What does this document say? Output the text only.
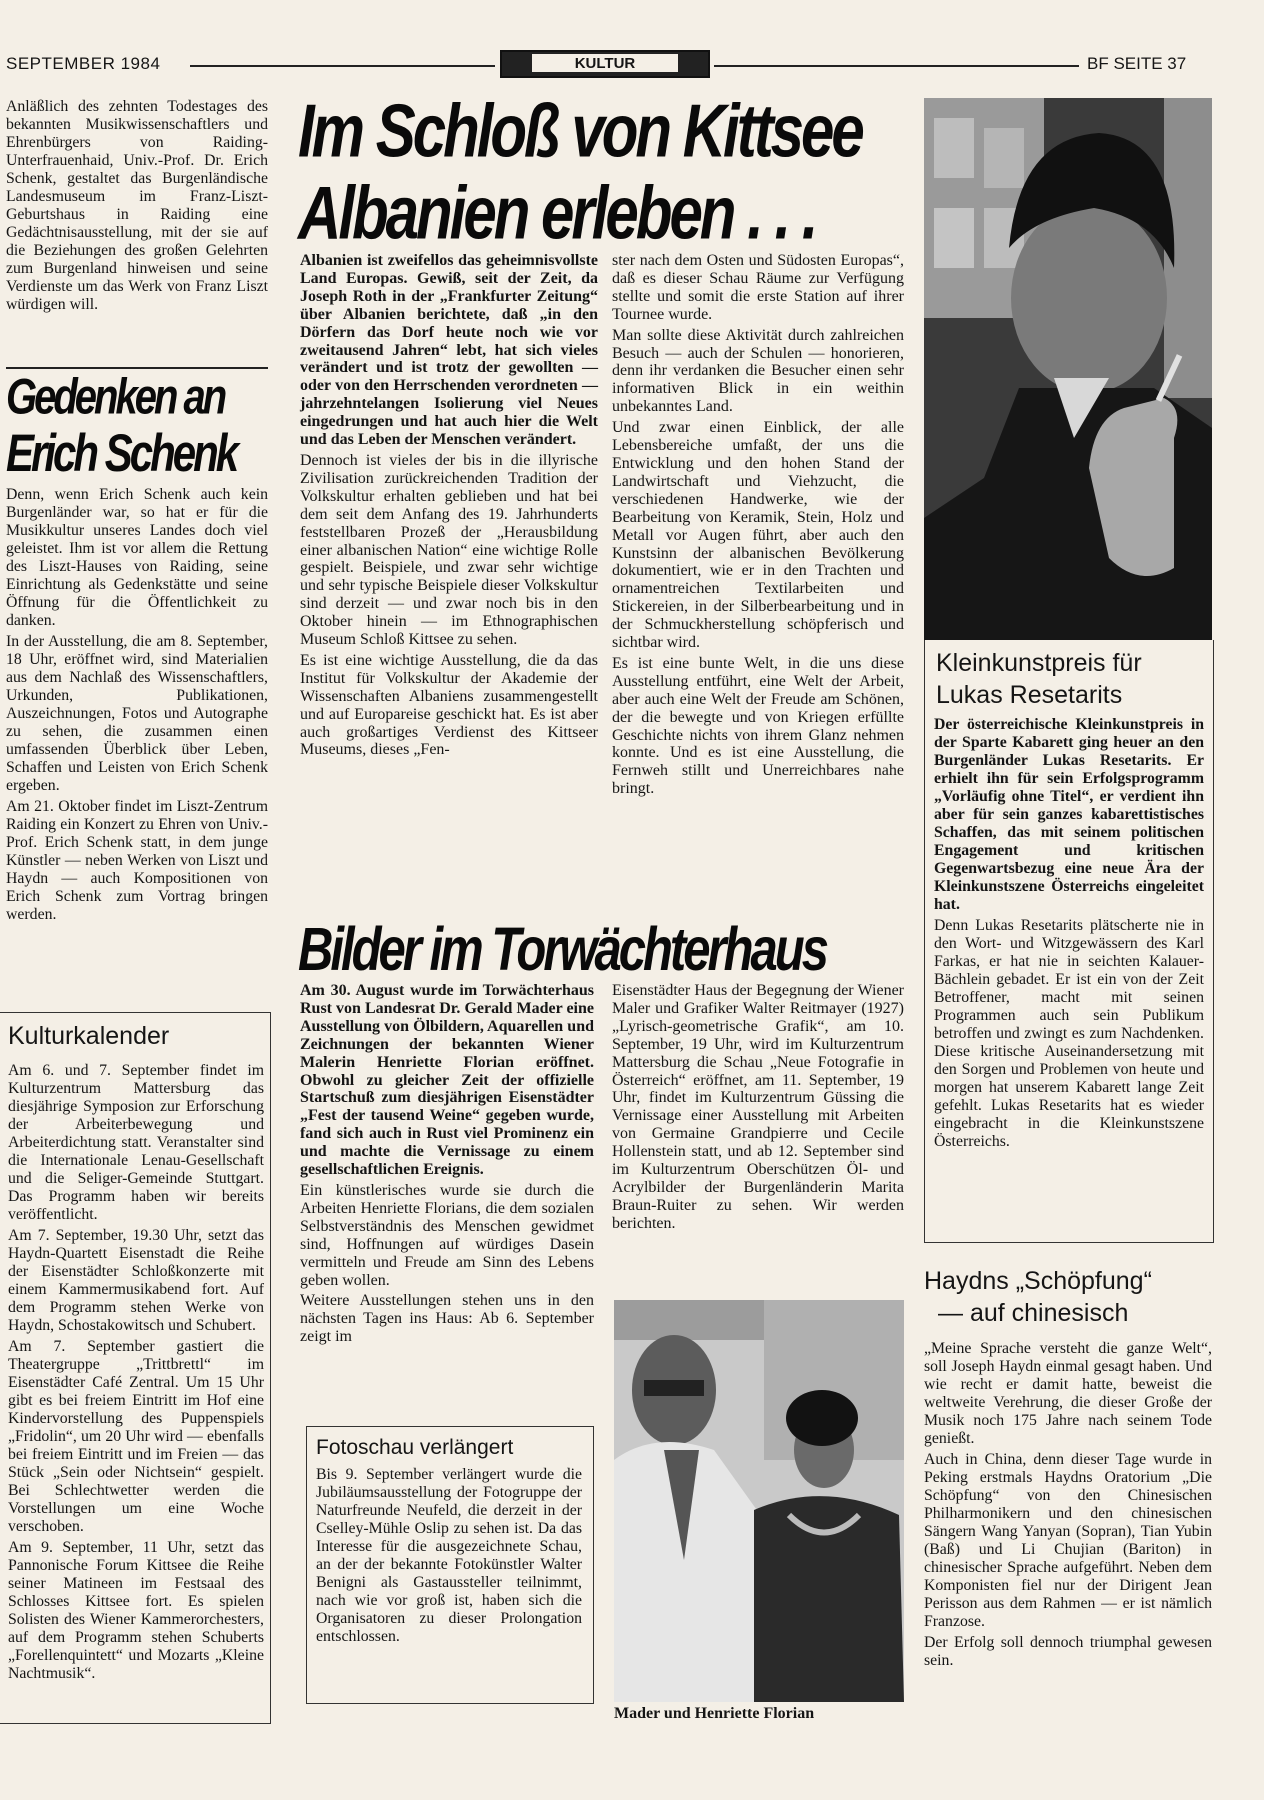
SEPTEMBER 1984	KULTUR	BF SEITE 37

Anläßlich des zehnten Todestages des bekannten Musikwissenschaftlers und Ehrenbürgers von Raiding-Unterfrauenhaid, Univ.-Prof. Dr. Erich Schenk, gestaltet das Burgenländische Landesmuseum im Franz-Liszt-Geburtshaus in Raiding eine Gedächtnisausstellung, mit der sie auf die Beziehungen des großen Gelehrten zum Burgenland hinweisen und seine Verdienste um das Werk von Franz Liszt würdigen will.

Gedenken an
Erich Schenk

Denn, wenn Erich Schenk auch kein Burgenländer war, so hat er für die Musikkultur unseres Landes doch viel geleistet. Ihm ist vor allem die Rettung des Liszt-Hauses von Raiding, seine Einrichtung als Gedenkstätte und seine Öffnung für die Öffentlichkeit zu danken.

In der Ausstellung, die am 8. September, 18 Uhr, eröffnet wird, sind Materialien aus dem Nachlaß des Wissenschaftlers, Urkunden, Publikationen, Auszeichnungen, Fotos und Autographe zu sehen, die zusammen einen umfassenden Überblick über Leben, Schaffen und Leisten von Erich Schenk ergeben.

Am 21. Oktober findet im Liszt-Zentrum Raiding ein Konzert zu Ehren von Univ.-Prof. Erich Schenk statt, in dem junge Künstler — neben Werken von Liszt und Haydn — auch Kompositionen von Erich Schenk zum Vortrag bringen werden.

Kulturkalender

Am 6. und 7. September findet im Kulturzentrum Mattersburg das diesjährige Symposion zur Erforschung der Arbeiterbewegung und Arbeiterdichtung statt. Veranstalter sind die Internationale Lenau-Gesellschaft und die Seliger-Gemeinde Stuttgart. Das Programm haben wir bereits veröffentlicht.

Am 7. September, 19.30 Uhr, setzt das Haydn-Quartett Eisenstadt die Reihe der Eisenstädter Schloßkonzerte mit einem Kammermusikabend fort. Auf dem Programm stehen Werke von Haydn, Schostakowitsch und Schubert.

Am 7. September gastiert die Theatergruppe „Trittbrettl“ im Eisenstädter Café Zentral. Um 15 Uhr gibt es bei freiem Eintritt im Hof eine Kindervorstellung des Puppenspiels „Fridolin“, um 20 Uhr wird — ebenfalls bei freiem Eintritt und im Freien — das Stück „Sein oder Nichtsein“ gespielt. Bei Schlechtwetter werden die Vorstellungen um eine Woche verschoben.

Am 9. September, 11 Uhr, setzt das Pannonische Forum Kittsee die Reihe seiner Matineen im Festsaal des Schlosses Kittsee fort. Es spielen Solisten des Wiener Kammerorchesters, auf dem Programm stehen Schuberts „Forellenquintett“ und Mozarts „Kleine Nachtmusik“.

Im Schloß von Kittsee
Albanien erleben . . .

Albanien ist zweifellos das geheimnisvollste Land Europas. Gewiß, seit der Zeit, da Joseph Roth in der „Frankfurter Zeitung“ über Albanien berichtete, daß „in den Dörfern das Dorf heute noch wie vor zweitausend Jahren“ lebt, hat sich vieles verändert und ist trotz der gewollten — oder von den Herrschenden verordneten — jahrzehntelangen Isolierung viel Neues eingedrungen und hat auch hier die Welt und das Leben der Menschen verändert.

Dennoch ist vieles der bis in die illyrische Zivilisation zurückreichenden Tradition der Volkskultur erhalten geblieben und hat bei dem seit dem Anfang des 19. Jahrhunderts feststellbaren Prozeß der „Herausbildung einer albanischen Nation“ eine wichtige Rolle gespielt. Beispiele, und zwar sehr wichtige und sehr typische Beispiele dieser Volkskultur sind derzeit — und zwar noch bis in den Oktober hinein — im Ethnographischen Museum Schloß Kittsee zu sehen.

Es ist eine wichtige Ausstellung, die da das Institut für Volkskultur der Akademie der Wissenschaften Albaniens zusammengestellt und auf Europareise geschickt hat. Es ist aber auch großartiges Verdienst des Kittseer Museums, dieses „Fen-

ster nach dem Osten und Südosten Europas“, daß es dieser Schau Räume zur Verfügung stellte und somit die erste Station auf ihrer Tournee wurde.

Man sollte diese Aktivität durch zahlreichen Besuch — auch der Schulen — honorieren, denn ihr verdanken die Besucher einen sehr informativen Blick in ein weithin unbekanntes Land.

Und zwar einen Einblick, der alle Lebensbereiche umfaßt, der uns die Entwicklung und den hohen Stand der Landwirtschaft und Viehzucht, die verschiedenen Handwerke, wie der Bearbeitung von Keramik, Stein, Holz und Metall vor Augen führt, aber auch den Kunstsinn der albanischen Bevölkerung dokumentiert, wie er in den Trachten und ornamentreichen Textilarbeiten und Stickereien, in der Silberbearbeitung und in der Schmuckherstellung schöpferisch und sichtbar wird.

Es ist eine bunte Welt, in die uns diese Ausstellung entführt, eine Welt der Arbeit, aber auch eine Welt der Freude am Schönen, der die bewegte und von Kriegen erfüllte Geschichte nichts von ihrem Glanz nehmen konnte. Und es ist eine Ausstellung, die Fernweh stillt und Unerreichbares nahe bringt.

Kleinkunstpreis für
Lukas Resetarits

Der österreichische Kleinkunstpreis in der Sparte Kabarett ging heuer an den Burgenländer Lukas Resetarits. Er erhielt ihn für sein Erfolgsprogramm „Vorläufig ohne Titel“, er verdient ihn aber für sein ganzes kabarettistisches Schaffen, das mit seinem politischen Engagement und kritischen Gegenwartsbezug eine neue Ära der Kleinkunstszene Österreichs eingeleitet hat.

Denn Lukas Resetarits plätscherte nie in den Wort- und Witzgewässern des Karl Farkas, er hat nie in seichten Kalauer-Bächlein gebadet. Er ist ein von der Zeit Betroffener, macht mit seinen Programmen auch sein Publikum betroffen und zwingt es zum Nachdenken. Diese kritische Auseinandersetzung mit den Sorgen und Problemen von heute und morgen hat unserem Kabarett lange Zeit gefehlt. Lukas Resetarits hat es wieder eingebracht in die Kleinkunstszene Österreichs.

Haydns „Schöpfung“
— auf chinesisch

„Meine Sprache versteht die ganze Welt“, soll Joseph Haydn einmal gesagt haben. Und wie recht er damit hatte, beweist die weltweite Verehrung, die dieser Große der Musik noch 175 Jahre nach seinem Tode genießt.

Auch in China, denn dieser Tage wurde in Peking erstmals Haydns Oratorium „Die Schöpfung“ von den Chinesischen Philharmonikern und den chinesischen Sängern Wang Yanyan (Sopran), Tian Yubin (Baß) und Li Chujian (Bariton) in chinesischer Sprache aufgeführt. Neben dem Komponisten fiel nur der Dirigent Jean Perisson aus dem Rahmen — er ist nämlich Franzose.

Der Erfolg soll dennoch triumphal gewesen sein.

Bilder im Torwächterhaus

Am 30. August wurde im Torwächterhaus Rust von Landesrat Dr. Gerald Mader eine Ausstellung von Ölbildern, Aquarellen und Zeichnungen der bekannten Wiener Malerin Henriette Florian eröffnet. Obwohl zu gleicher Zeit der offizielle Startschuß zum diesjährigen Eisenstädter „Fest der tausend Weine“ gegeben wurde, fand sich auch in Rust viel Prominenz ein und machte die Vernissage zu einem gesellschaftlichen Ereignis.

Ein künstlerisches wurde sie durch die Arbeiten Henriette Florians, die dem sozialen Selbstverständnis des Menschen gewidmet sind, Hoffnungen auf würdiges Dasein vermitteln und Freude am Sinn des Lebens geben wollen.

Weitere Ausstellungen stehen uns in den nächsten Tagen ins Haus: Ab 6. September zeigt im

Eisenstädter Haus der Begegnung der Wiener Maler und Grafiker Walter Reitmayer (1927) „Lyrisch-geometrische Grafik“, am 10. September, 19 Uhr, wird im Kulturzentrum Mattersburg die Schau „Neue Fotografie in Österreich“ eröffnet, am 11. September, 19 Uhr, findet im Kulturzentrum Güssing die Vernissage einer Ausstellung mit Arbeiten von Germaine Grandpierre und Cecile Hollenstein statt, und ab 12. September sind im Kulturzentrum Oberschützen Öl- und Acrylbilder der Burgenländerin Marita Braun-Ruiter zu sehen. Wir werden berichten.

Fotoschau verlängert

Bis 9. September verlängert wurde die Jubiläumsausstellung der Fotogruppe der Naturfreunde Neufeld, die derzeit in der Cselley-Mühle Oslip zu sehen ist. Da das Interesse für die ausgezeichnete Schau, an der der bekannte Fotokünstler Walter Benigni als Gastaussteller teilnimmt, nach wie vor groß ist, haben sich die Organisatoren zu dieser Prolongation entschlossen.

Mader und Henriette Florian
